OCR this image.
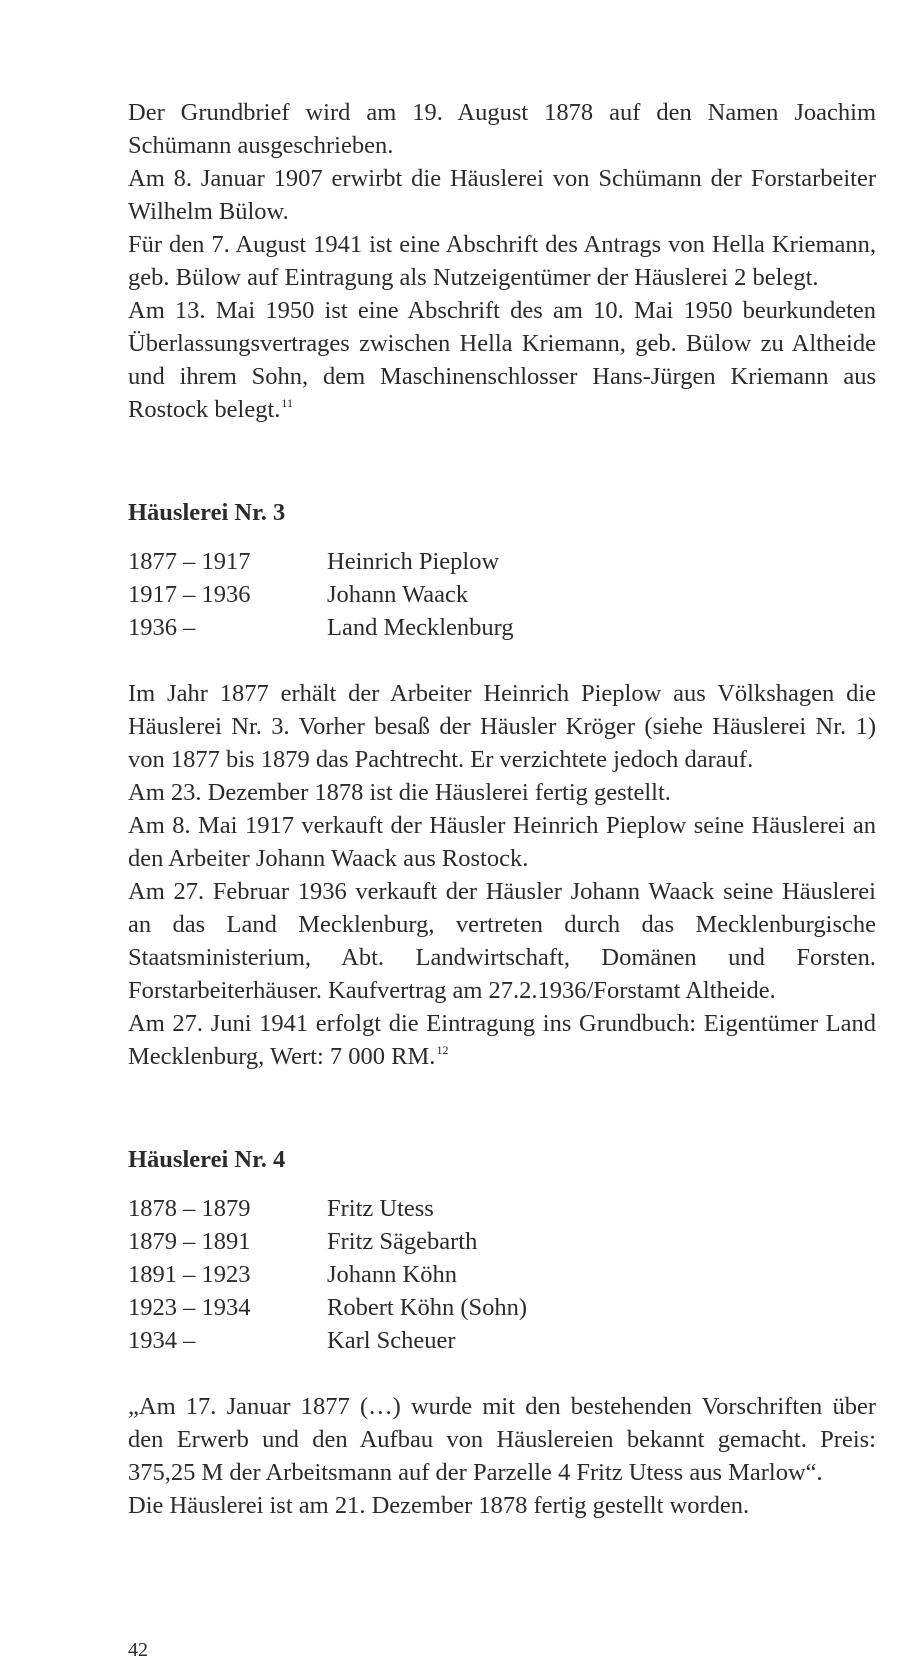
Der Grundbrief wird am 19. August 1878 auf den Namen Joachim Schümann ausgeschrieben.

Am 8. Januar 1907 erwirbt die Häuslerei von Schümann der Forstarbeiter Wilhelm Bülow.

Für den 7. August 1941 ist eine Abschrift des Antrags von Hella Kriemann, geb. Bülow auf Eintragung als Nutzeigentümer der Häuslerei 2 belegt.

Am 13. Mai 1950 ist eine Abschrift des am 10. Mai 1950 beurkundeten Überlassungsvertrages zwischen Hella Kriemann, geb. Bülow zu Altheide und ihrem Sohn, dem Maschinenschlosser Hans-Jürgen Kriemann aus Rostock belegt.$^{11}$

Häuslerei Nr. 3
1877 – 1917	Heinrich Pieplow
1917 – 1936	Johann Waack
1936 –	Land Mecklenburg

Im Jahr 1877 erhält der Arbeiter Heinrich Pieplow aus Völkshagen die Häuslerei Nr. 3. Vorher besaß der Häusler Kröger (siehe Häuslerei Nr. 1) von 1877 bis 1879 das Pachtrecht. Er verzichtete jedoch darauf.

Am 23. Dezember 1878 ist die Häuslerei fertig gestellt.

Am 8. Mai 1917 verkauft der Häusler Heinrich Pieplow seine Häuslerei an den Arbeiter Johann Waack aus Rostock.

Am 27. Februar 1936 verkauft der Häusler Johann Waack seine Häuslerei an das Land Mecklenburg, vertreten durch das Mecklenburgische Staatsministerium, Abt. Landwirtschaft, Domänen und Forsten. Forstarbeiterhäuser. Kaufvertrag am 27.2.1936/Forstamt Altheide.

Am 27. Juni 1941 erfolgt die Eintragung ins Grundbuch: Eigentümer Land Mecklenburg, Wert: 7 000 RM.$^{12}$

Häuslerei Nr. 4
1878 – 1879	Fritz Utess
1879 – 1891	Fritz Sägebarth
1891 – 1923	Johann Köhn
1923 – 1934	Robert Köhn (Sohn)
1934 –	Karl Scheuer

„Am 17. Januar 1877 (…) wurde mit den bestehenden Vorschriften über den Erwerb und den Aufbau von Häuslereien bekannt gemacht. Preis: 375,25 M der Arbeitsmann auf der Parzelle 4 Fritz Utess aus Marlow“.

Die Häuslerei ist am 21. Dezember 1878 fertig gestellt worden.

42
